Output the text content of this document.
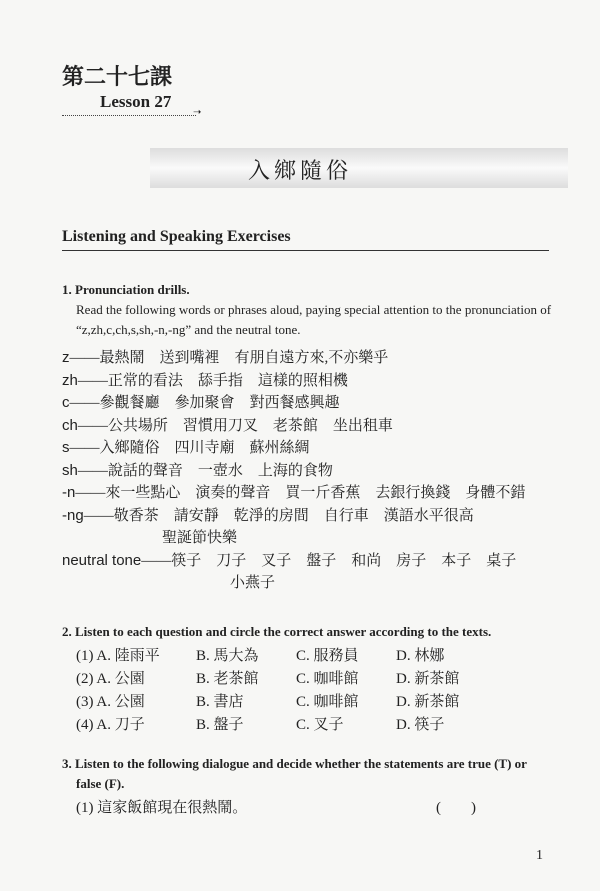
第二十七課
Lesson 27
➝
入鄉隨俗
Listening and Speaking Exercises
1. Pronunciation drills.
Read the following words or phrases aloud, paying special attention to the pronunciation of
“z,zh,c,ch,s,sh,-n,-ng” and the neutral tone.
z——最熱鬧　送到嘴裡　有朋自遠方來,不亦樂乎
zh——正常的看法　舔手指　這樣的照相機
c——參觀餐廳　參加聚會　對西餐感興趣
ch——公共場所　習慣用刀叉　老茶館　坐出租車
s——入鄉隨俗　四川寺廟　蘇州絲綢
sh——說話的聲音　一壺水　上海的食物
-n——來一些點心　演奏的聲音　買一斤香蕉　去銀行換錢　身體不錯
-ng——敬香茶　請安靜　乾淨的房間　自行車　漢語水平很高
聖誕節快樂
neutral tone——筷子　刀子　叉子　盤子　和尚　房子　本子　桌子
小燕子
2. Listen to each question and circle the correct answer according to the texts.
(1) A. 陸雨平 B. 馬大為 C. 服務員 D. 林娜
(2) A. 公園	B. 老茶館 C. 咖啡館 D. 新茶館
(3) A. 公園	B. 書店	C. 咖啡館 D. 新茶館
(4) A. 刀子	B. 盤子	C. 叉子	D. 筷子
3. Listen to the following dialogue and decide whether the statements are true (T) or
false (F).
(1) 這家飯館現在很熱鬧。	(　　)
1
